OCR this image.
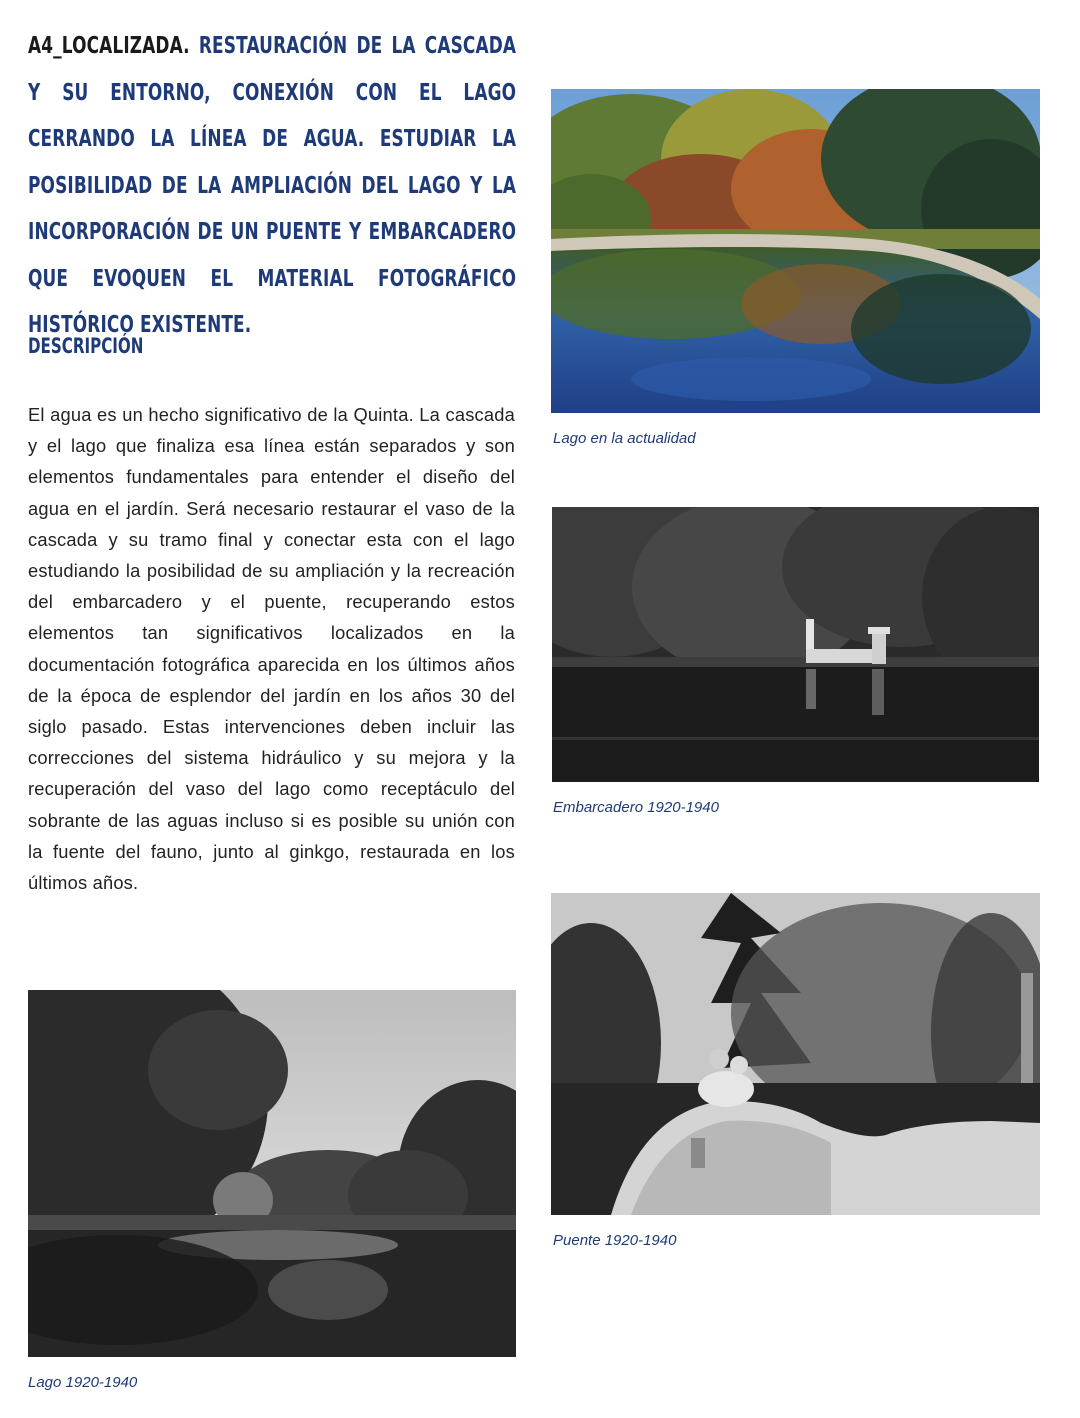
A4_LOCALIZADA. RESTAURACIÓN DE LA CASCADA Y SU ENTORNO, CONEXIÓN CON EL LAGO CERRANDO LA LÍNEA DE AGUA. ESTUDIAR LA POSIBILIDAD DE LA AMPLIACIÓN DEL LAGO Y LA INCORPORACIÓN DE UN PUENTE Y EMBARCADERO QUE EVOQUEN EL MATERIAL FOTOGRÁFICO HISTÓRICO EXISTENTE.
DESCRIPCIÓN
El agua es un hecho significativo de la Quinta. La cascada y el lago que finaliza esa línea están separados y son elementos fundamentales para entender el diseño del agua en el jardín. Será necesario restaurar el vaso de la cascada y su tramo final y conectar esta con el lago estudiando la posibilidad de su ampliación y la recreación del embarcadero y el puente, recuperando estos elementos tan significativos localizados en la documentación fotográfica aparecida en los últimos años de la época de esplendor del jardín en los años 30 del siglo pasado. Estas intervenciones deben incluir las correcciones del sistema hidráulico y su mejora y la recuperación del vaso del lago como receptáculo del sobrante de las aguas incluso si es posible su unión con la fuente del fauno, junto al ginkgo, restaurada en los últimos años.
Lago en la actualidad
Embarcadero 1920-1940
Puente 1920-1940
Lago 1920-1940
